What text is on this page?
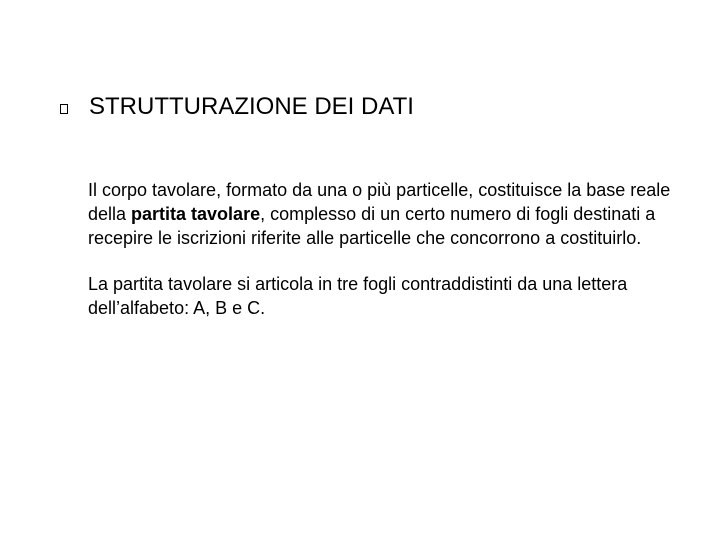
STRUTTURAZIONE DEI DATI

Il corpo tavolare, formato da una o più particelle, costituisce la base reale della partita tavolare, complesso di un certo numero di fogli destinati a recepire le iscrizioni riferite alle particelle che concorrono a costituirlo.

La partita tavolare si articola in tre fogli contraddistinti da una lettera dell’alfabeto: A, B e C.
